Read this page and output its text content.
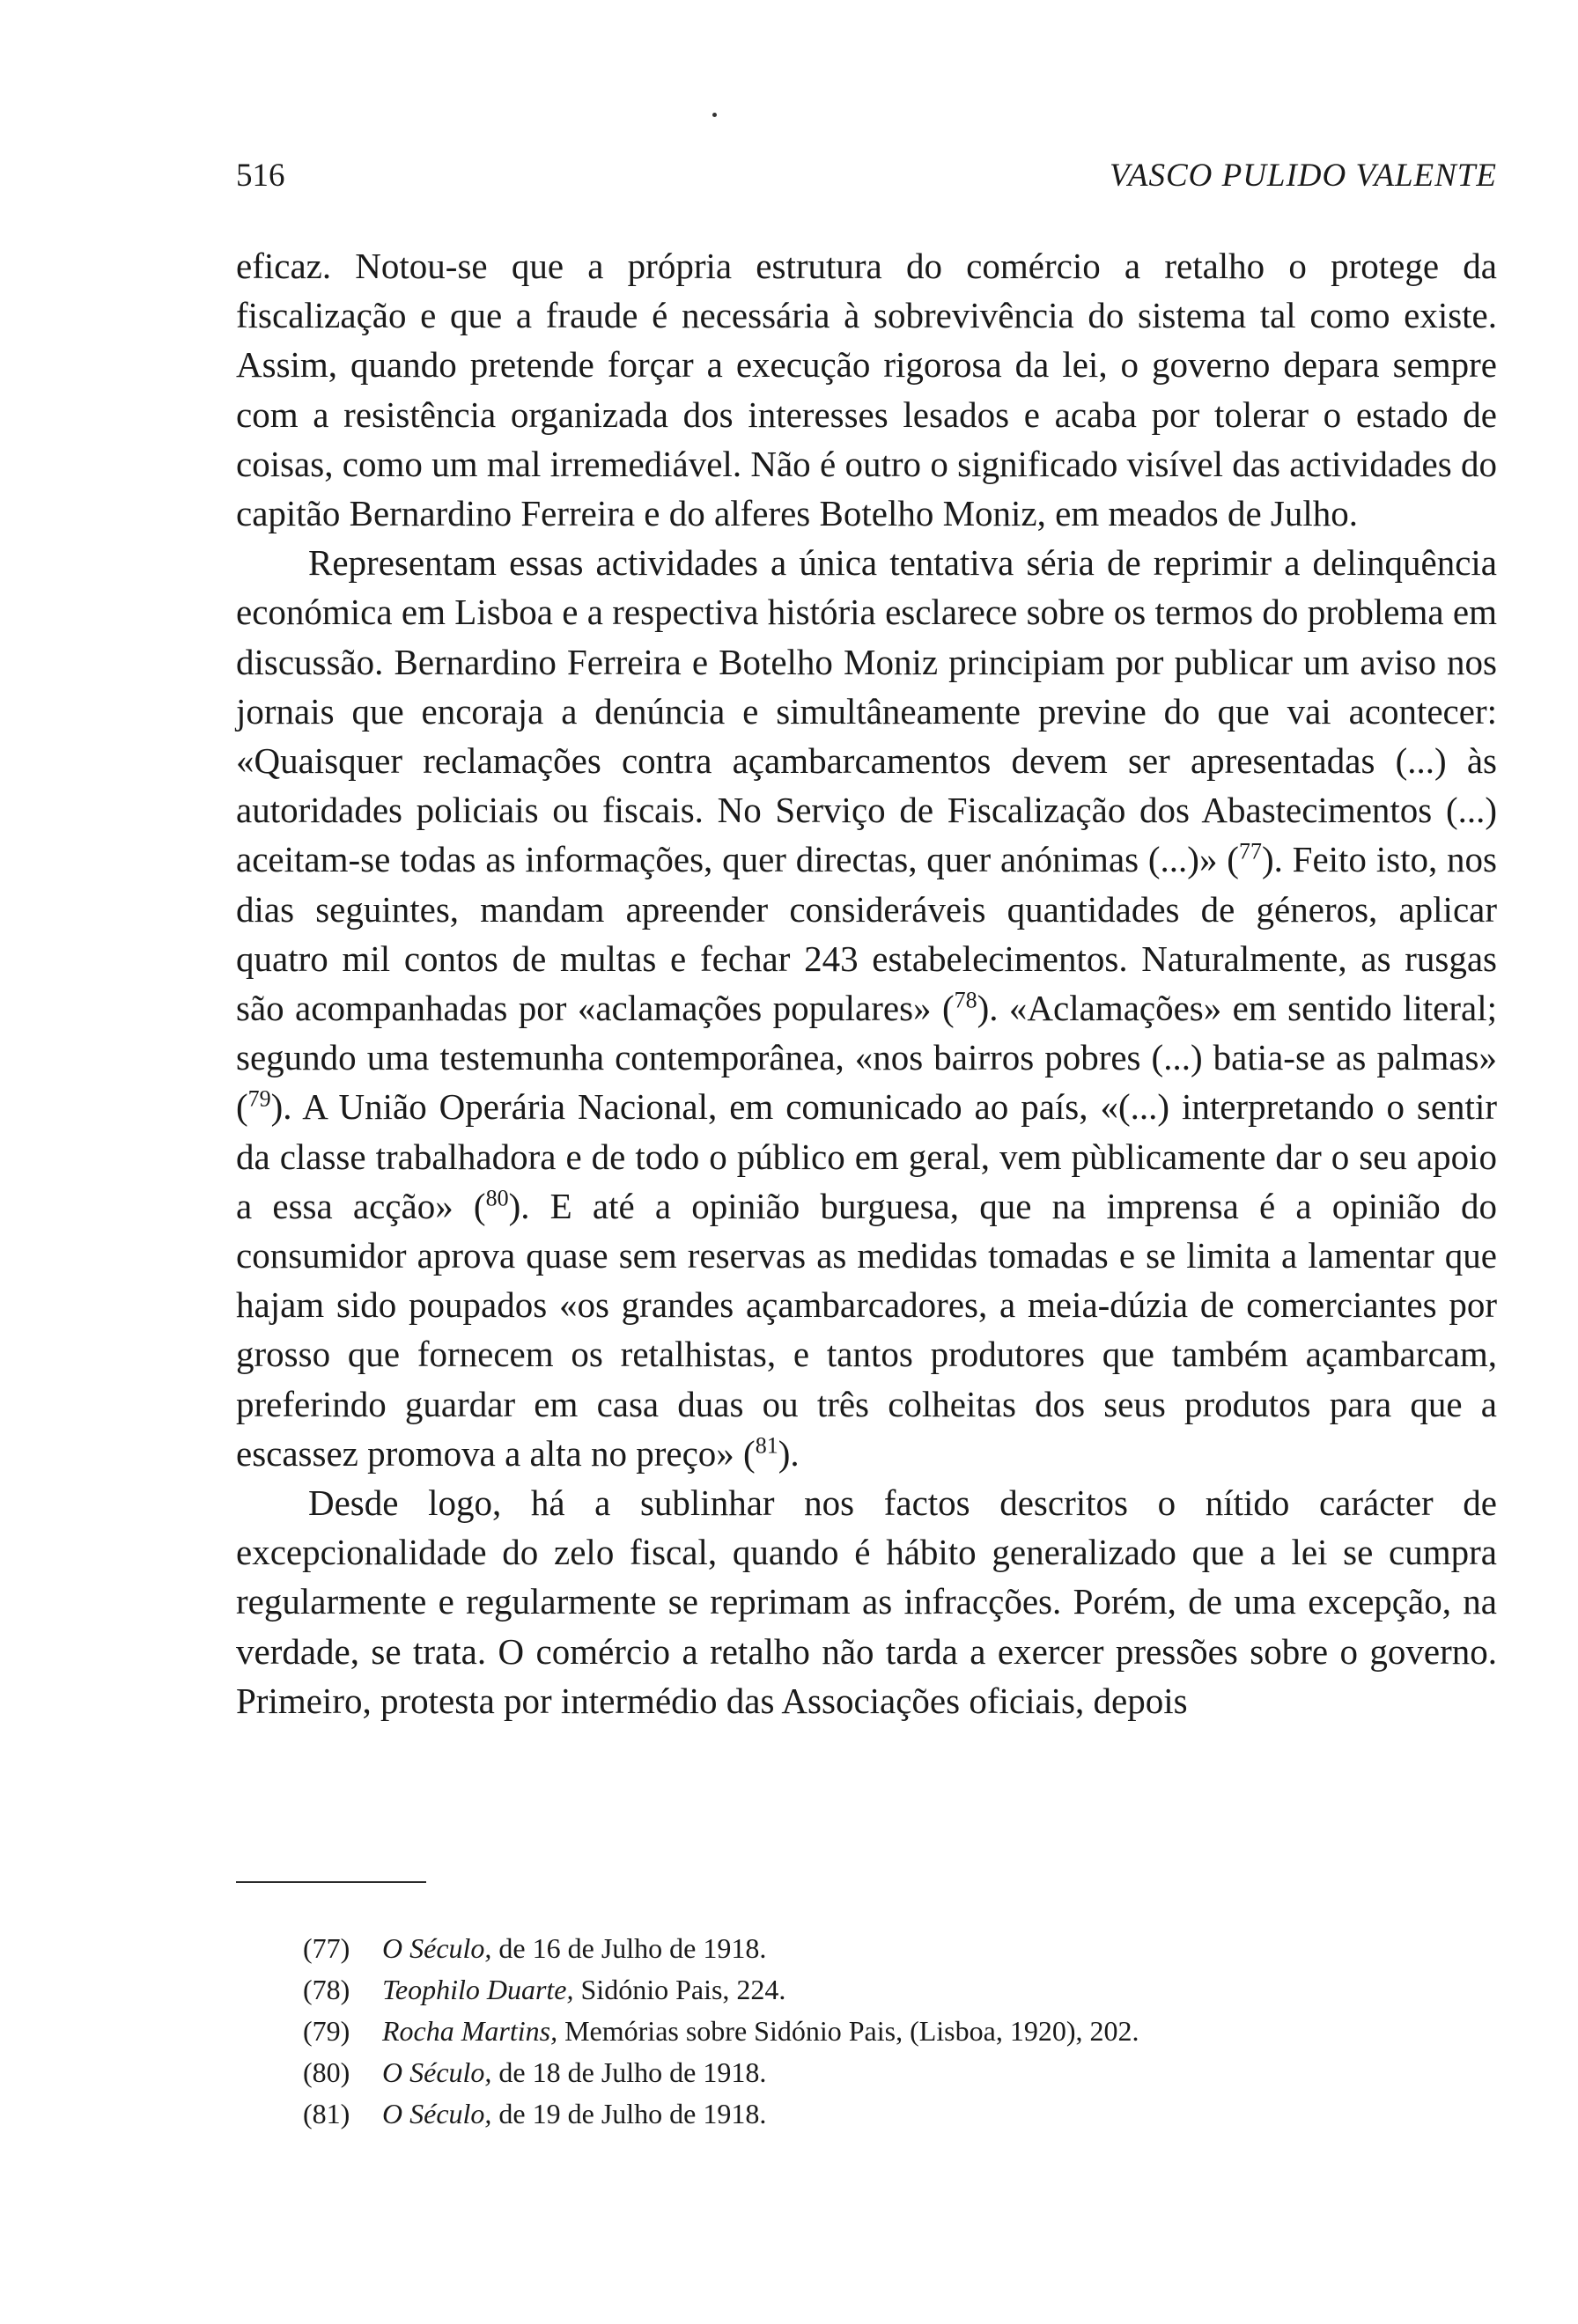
516	VASCO PULIDO VALENTE

eficaz. Notou-se que a própria estrutura do comércio a retalho o protege da fiscalização e que a fraude é necessária à sobrevivência do sistema tal como existe. Assim, quando pretende forçar a execução rigorosa da lei, o governo depara sempre com a resistência organizada dos interesses lesados e acaba por tolerar o estado de coisas, como um mal irremediável. Não é outro o significado visível das actividades do capitão Bernardino Ferreira e do alferes Botelho Moniz, em meados de Julho.

Representam essas actividades a única tentativa séria de reprimir a delinquência económica em Lisboa e a respectiva história esclarece sobre os termos do problema em discussão. Bernardino Ferreira e Botelho Moniz principiam por publicar um aviso nos jornais que encoraja a denúncia e simultâneamente previne do que vai acontecer: «Quaisquer reclamações contra açambarcamentos devem ser apresentadas (...) às autoridades policiais ou fiscais. No Serviço de Fiscalização dos Abastecimentos (...) aceitam-se todas as informações, quer directas, quer anónimas (...)» ($^{77}$). Feito isto, nos dias seguintes, mandam apreender consideráveis quantidades de géneros, aplicar quatro mil contos de multas e fechar 243 estabelecimentos. Naturalmente, as rusgas são acompanhadas por «aclamações populares» ($^{78}$). «Aclamações» em sentido literal; segundo uma testemunha contemporânea, «nos bairros pobres (...) batia-se as palmas» ($^{79}$). A União Operária Nacional, em comunicado ao país, «(...) interpretando o sentir da classe trabalhadora e de todo o público em geral, vem pùblicamente dar o seu apoio a essa acção» ($^{80}$). E até a opinião burguesa, que na imprensa é a opinião do consumidor aprova quase sem reservas as medidas tomadas e se limita a lamentar que hajam sido poupados «os grandes açambarcadores, a meia-dúzia de comerciantes por grosso que fornecem os retalhistas, e tantos produtores que também açambarcam, preferindo guardar em casa duas ou três colheitas dos seus produtos para que a escassez promova a alta no preço» ($^{81}$).

Desde logo, há a sublinhar nos factos descritos o nítido carácter de excepcionalidade do zelo fiscal, quando é hábito generalizado que a lei se cumpra regularmente e regularmente se reprimam as infracções. Porém, de uma excepção, na verdade, se trata. O comércio a retalho não tarda a exercer pressões sobre o governo. Primeiro, protesta por intermédio das Associações oficiais, depois

(77)	O Século, de 16 de Julho de 1918.
(78)	Teophilo Duarte, Sidónio Pais, 224.
(79)	Rocha Martins, Memórias sobre Sidónio Pais, (Lisboa, 1920), 202.
(80)	O Século, de 18 de Julho de 1918.
(81)	O Século, de 19 de Julho de 1918.
